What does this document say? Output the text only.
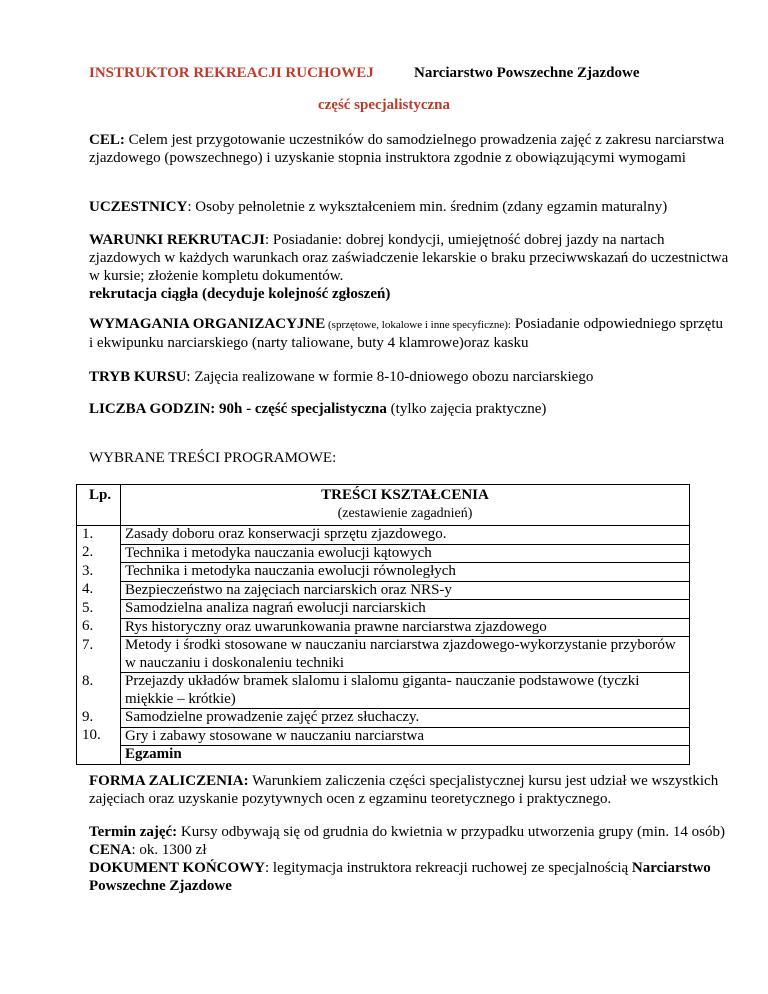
INSTRUKTOR REKREACJI RUCHOWEJ	Narciarstwo Powszechne Zjazdowe
część specjalistyczna
CEL: Celem jest przygotowanie uczestników do samodzielnego prowadzenia zajęć z zakresu narciarstwa zjazdowego (powszechnego) i uzyskanie stopnia instruktora zgodnie z obowiązującymi wymogami
UCZESTNICY: Osoby pełnoletnie z wykształceniem min. średnim (zdany egzamin maturalny)
WARUNKI REKRUTACJI: Posiadanie: dobrej kondycji, umiejętność dobrej jazdy na nartach zjazdowych w każdych warunkach oraz zaświadczenie lekarskie o braku przeciwwskazań do uczestnictwa w kursie; złożenie kompletu dokumentów.
rekrutacja ciągła (decyduje kolejność zgłoszeń)
WYMAGANIA ORGANIZACYJNE (sprzętowe, lokalowe i inne specyficzne): Posiadanie odpowiedniego sprzętu i ekwipunku narciarskiego (narty taliowane, buty 4 klamrowe)oraz kasku
TRYB KURSU: Zajęcia realizowane w formie 8-10-dniowego obozu narciarskiego
LICZBA GODZIN: 90h - część specjalistyczna (tylko zajęcia praktyczne)
WYBRANE TREŚCI PROGRAMOWE:
Lp.	TREŚCI KSZTAŁCENIA
(zestawienie zagadnień)

1.	Zasady doboru oraz konserwacji sprzętu zjazdowego.
2.	Technika i metodyka nauczania ewolucji kątowych
3.	Technika i metodyka nauczania ewolucji równoległych
4.	Bezpieczeństwo na zajęciach narciarskich oraz NRS-y
5.	Samodzielna analiza nagrań ewolucji narciarskich
6.	Rys historyczny oraz uwarunkowania prawne narciarstwa zjazdowego
7.	Metody i środki stosowane w nauczaniu narciarstwa zjazdowego-wykorzystanie przyborów w nauczaniu i doskonaleniu techniki
8.	Przejazdy układów bramek slalomu i slalomu giganta- nauczanie podstawowe (tyczki miękkie – krótkie)
9.	Samodzielne prowadzenie zajęć przez słuchaczy.
10.	Gry i zabawy stosowane w nauczaniu narciarstwa
	Egzamin
FORMA ZALICZENIA: Warunkiem zaliczenia części specjalistycznej kursu jest udział we wszystkich zajęciach oraz uzyskanie pozytywnych ocen z egzaminu teoretycznego i praktycznego.
Termin zajęć: Kursy odbywają się od grudnia do kwietnia w przypadku utworzenia grupy (min. 14 osób)
CENA: ok. 1300 zł
DOKUMENT KOŃCOWY: legitymacja instruktora rekreacji ruchowej ze specjalnością Narciarstwo Powszechne Zjazdowe
